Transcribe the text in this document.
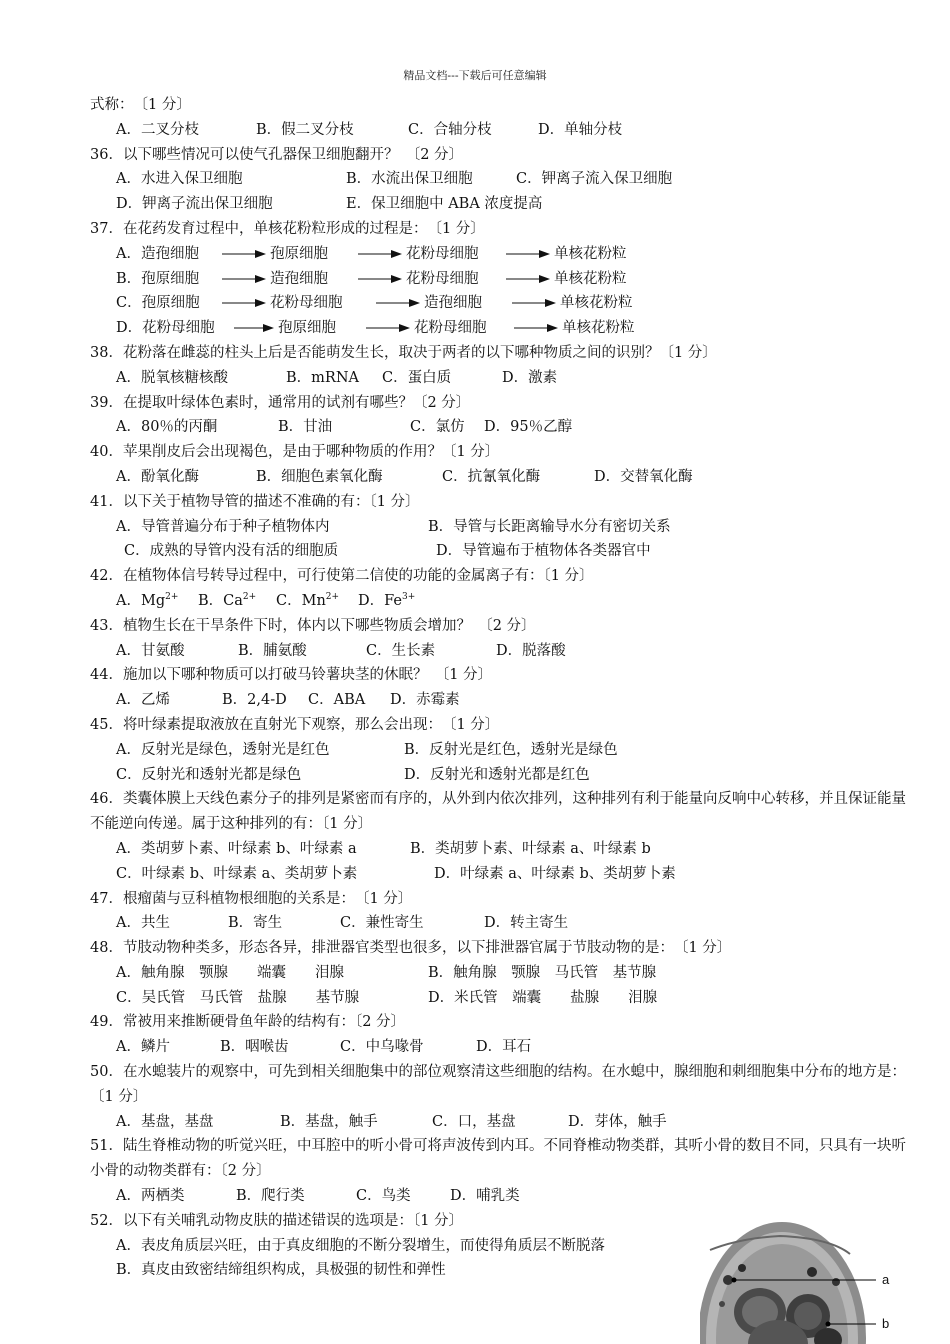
精品文档---下载后可任意编辑
式称：　〔1 分〕
A．二叉分枝	B．假二叉分枝	C．合轴分枝	D．单轴分枝
36．以下哪些情况可以使气孔器保卫细胞翻开？　〔2 分〕
A．水进入保卫细胞	B．水流出保卫细胞	C．钾离子流入保卫细胞
D．钾离子流出保卫细胞	E．保卫细胞中 ABA 浓度提高
37．在花药发育过程中，单核花粉粒形成的过程是：　〔1 分〕
A．造孢细胞	孢原细胞	花粉母细胞	单核花粉粒
B．孢原细胞	造孢细胞	花粉母细胞	单核花粉粒
C．孢原细胞	花粉母细胞	造孢细胞	单核花粉粒
D．花粉母细胞	孢原细胞	花粉母细胞	单核花粉粒
38．花粉落在雌蕊的柱头上后是否能萌发生长，取决于两者的以下哪种物质之间的识别？〔1 分〕
A．脱氧核糖核酸	B．mRNA C．蛋白质	D．激素
39．在提取叶绿体色素时，通常用的试剂有哪些？〔2 分〕
A．80％的丙酮	B．甘油	C．氯仿 D．95％乙醇
40．苹果削皮后会出现褐色，是由于哪种物质的作用？〔1 分〕
A．酚氧化酶	B．细胞色素氧化酶	C．抗氰氧化酶	D．交替氧化酶
41．以下关于植物导管的描述不准确的有：〔1 分〕
A．导管普遍分布于种子植物体内	B．导管与长距离输导水分有密切关系
C．成熟的导管内没有活的细胞质	D．导管遍布于植物体各类器官中
42．在植物体信号转导过程中，可行使第二信使的功能的金属离子有：〔1 分〕
A．$Mg^{2+}$ B．$Ca^{2+}$ C．$Mn^{2+}$ D．$Fe^{3+}$
43．植物生长在干旱条件下时，体内以下哪些物质会增加？　〔2 分〕
A．甘氨酸	B．脯氨酸	C．生长素	D．脱落酸
44．施加以下哪种物质可以打破马铃薯块茎的休眠？　〔1 分〕
A．乙烯	B．2,4-D C．ABA D．赤霉素
45．将叶绿素提取液放在直射光下观察，那么会出现：　〔1 分〕
A．反射光是绿色，透射光是红色	B．反射光是红色，透射光是绿色
C．反射光和透射光都是绿色	D．反射光和透射光都是红色
46．类囊体膜上天线色素分子的排列是紧密而有序的，从外到内依次排列，这种排列有利于能量向反响中心转移，并且保证能量不能逆向传递。属于这种排列的有：〔1 分〕
A．类胡萝卜素、叶绿素 b、叶绿素 a	B．类胡萝卜素、叶绿素 a、叶绿素 b
C．叶绿素 b、叶绿素 a、类胡萝卜素	D．叶绿素 a、叶绿素 b、类胡萝卜素
47．根瘤菌与豆科植物根细胞的关系是：　〔1 分〕
A．共生	B．寄生	C．兼性寄生	D．转主寄生
48．节肢动物种类多，形态各异，排泄器官类型也很多，以下排泄器官属于节肢动物的是：　〔1 分〕
A．触角腺　颚腺　　端囊　　泪腺	B．触角腺　颚腺　马氏管　基节腺
C．吴氏管　马氏管　盐腺　　基节腺	D．米氏管　端囊　　盐腺　　泪腺
49．常被用来推断硬骨鱼年龄的结构有：〔2 分〕
A．鳞片	B．咽喉齿	C．中乌喙骨	D．耳石
50．在水螅装片的观察中，可先到相关细胞集中的部位观察清这些细胞的结构。在水螅中，腺细胞和刺细胞集中分布的地方是：　〔1 分〕
A．基盘，基盘	B．基盘，触手	C．口，基盘	D．芽体，触手
51．陆生脊椎动物的听觉兴旺，中耳腔中的听小骨可将声波传到内耳。不同脊椎动物类群，其听小骨的数目不同，只具有一块听小骨的动物类群有：〔2 分〕
A．两栖类	B．爬行类	C．鸟类	D．哺乳类
52．以下有关哺乳动物皮肤的描述错误的选项是：〔1 分〕
A．表皮角质层兴旺，由于真皮细胞的不断分裂增生，而使得角质层不断脱落
B．真皮由致密结缔组织构成，具极强的韧性和弹性
a
b
